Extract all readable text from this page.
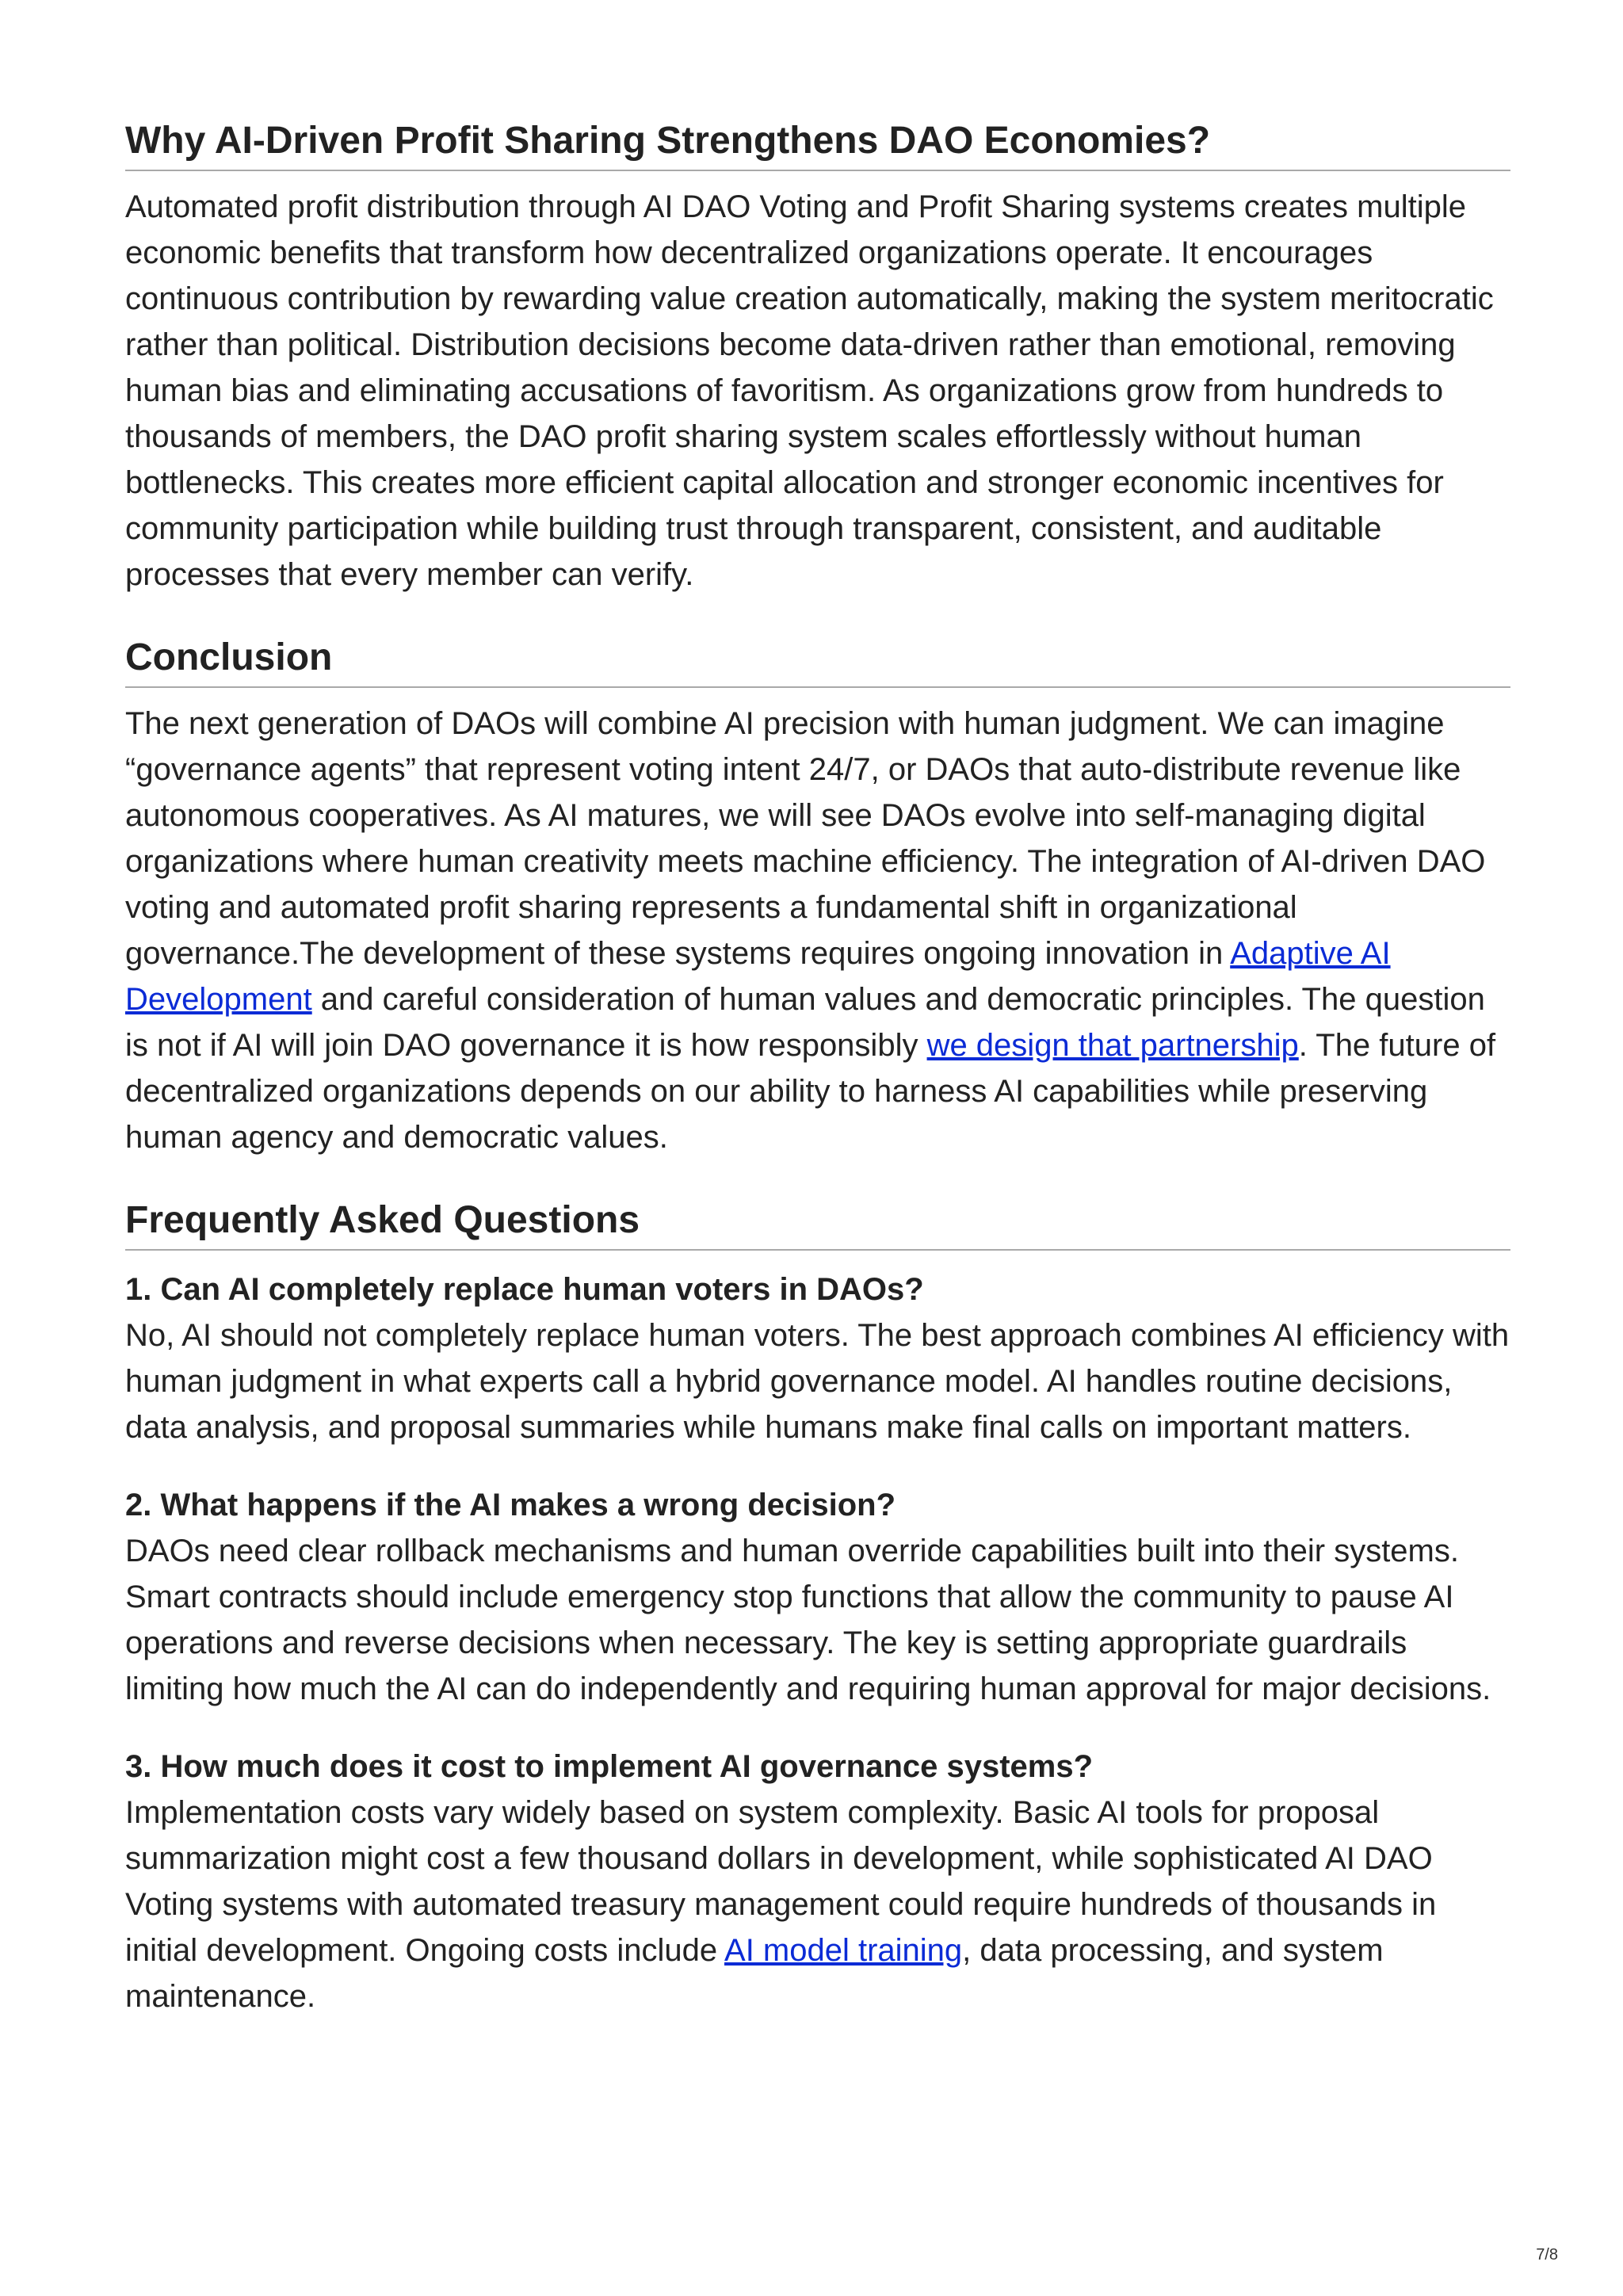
Why AI-Driven Profit Sharing Strengthens DAO Economies?

Automated profit distribution through AI DAO Voting and Profit Sharing systems creates multiple economic benefits that transform how decentralized organizations operate. It encourages continuous contribution by rewarding value creation automatically, making the system meritocratic rather than political. Distribution decisions become data-driven rather than emotional, removing human bias and eliminating accusations of favoritism. As organizations grow from hundreds to thousands of members, the DAO profit sharing system scales effortlessly without human bottlenecks. This creates more efficient capital allocation and stronger economic incentives for community participation while building trust through transparent, consistent, and auditable processes that every member can verify.

Conclusion

The next generation of DAOs will combine AI precision with human judgment. We can imagine “governance agents” that represent voting intent 24/7, or DAOs that auto-distribute revenue like autonomous cooperatives. As AI matures, we will see DAOs evolve into self-managing digital organizations where human creativity meets machine efficiency. The integration of AI-driven DAO voting and automated profit sharing represents a fundamental shift in organizational governance.The development of these systems requires ongoing innovation in Adaptive AI Development and careful consideration of human values and democratic principles. The question is not if AI will join DAO governance it is how responsibly we design that partnership. The future of decentralized organizations depends on our ability to harness AI capabilities while preserving human agency and democratic values.

Frequently Asked Questions

1. Can AI completely replace human voters in DAOs?

No, AI should not completely replace human voters. The best approach combines AI efficiency with human judgment in what experts call a hybrid governance model. AI handles routine decisions, data analysis, and proposal summaries while humans make final calls on important matters.

2. What happens if the AI makes a wrong decision?

DAOs need clear rollback mechanisms and human override capabilities built into their systems. Smart contracts should include emergency stop functions that allow the community to pause AI operations and reverse decisions when necessary. The key is setting appropriate guardrails limiting how much the AI can do independently and requiring human approval for major decisions.

3. How much does it cost to implement AI governance systems?

Implementation costs vary widely based on system complexity. Basic AI tools for proposal summarization might cost a few thousand dollars in development, while sophisticated AI DAO Voting systems with automated treasury management could require hundreds of thousands in initial development. Ongoing costs include AI model training, data processing, and system maintenance.

7/8
